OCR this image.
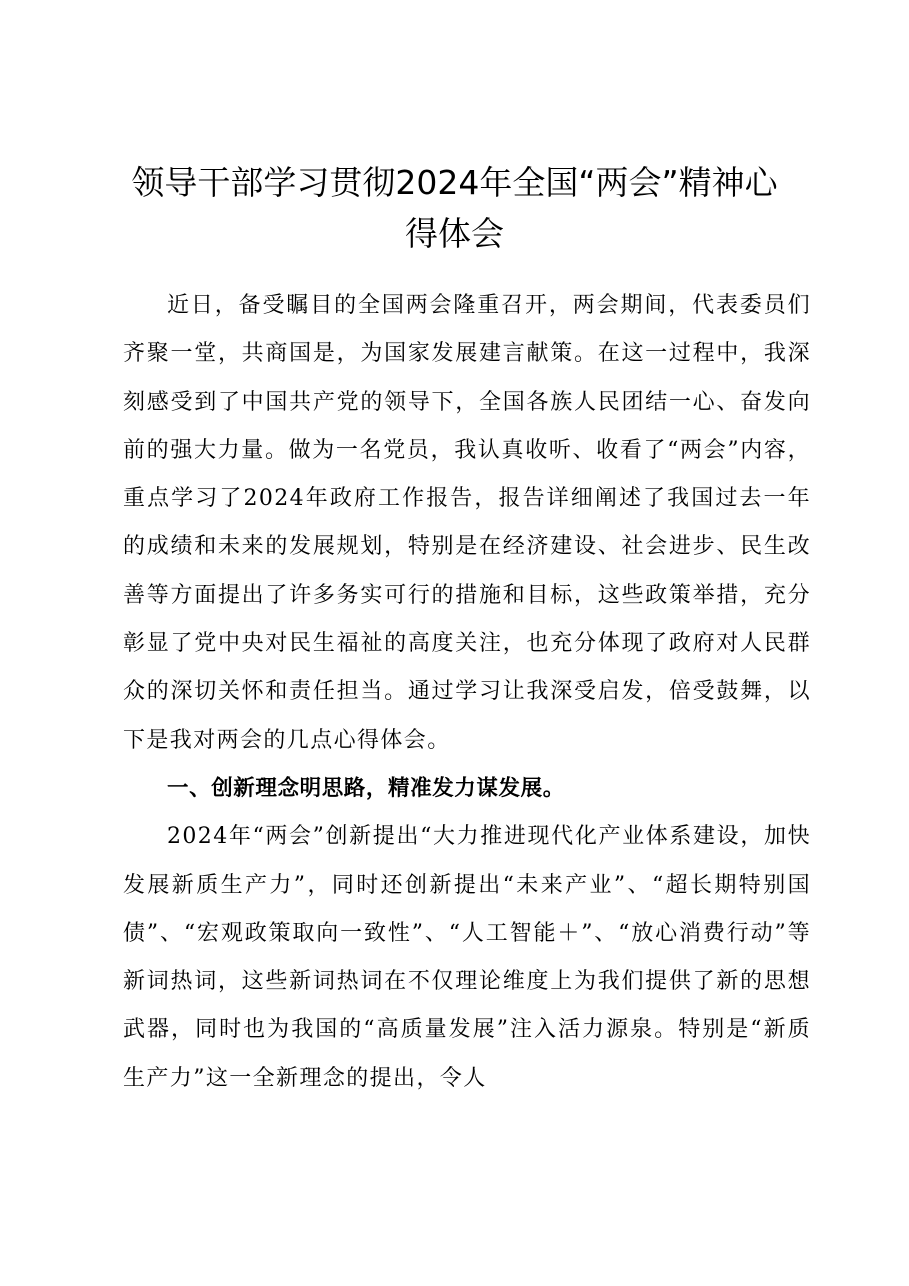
领导干部学习贯彻2024年全国“两会”精神心
得体会

近日，备受瞩目的全国两会隆重召开，两会期间，代表委员们齐聚一堂，共商国是，为国家发展建言献策。在这一过程中，我深刻感受到了中国共产党的领导下，全国各族人民团结一心、奋发向前的强大力量。做为一名党员，我认真收听、收看了“两会”内容，重点学习了2024年政府工作报告，报告详细阐述了我国过去一年的成绩和未来的发展规划，特别是在经济建设、社会进步、民生改善等方面提出了许多务实可行的措施和目标，这些政策举措，充分彰显了党中央对民生福祉的高度关注，也充分体现了政府对人民群众的深切关怀和责任担当。通过学习让我深受启发，倍受鼓舞，以下是我对两会的几点心得体会。

一、创新理念明思路，精准发力谋发展。

2024年“两会”创新提出“大力推进现代化产业体系建设，加快发展新质生产力”，同时还创新提出“未来产业”、“超长期特别国债”、“宏观政策取向一致性”、“人工智能＋”、“放心消费行动”等新词热词，这些新词热词在不仅理论维度上为我们提供了新的思想武器，同时也为我国的“高质量发展”注入活力源泉。特别是“新质生产力”这一全新理念的提出，令人
